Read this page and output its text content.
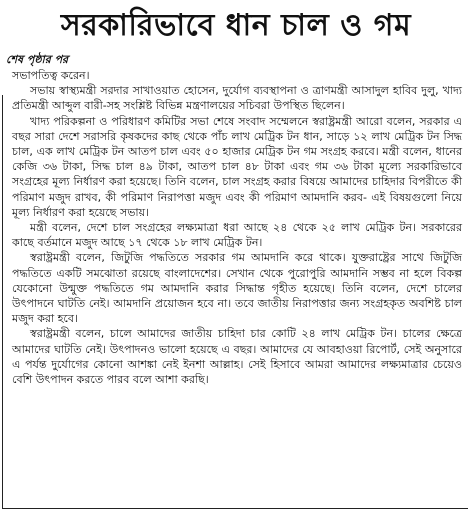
সরকারিভাবে ধান চাল ও গম
শেষ পৃষ্ঠার পর

সভাপতিত্ব করেন।

সভায় স্বাস্থ্যমন্ত্রী সরদার সাখাওয়াত হোসেন, দুর্যোগ ব্যবস্থাপনা ও ত্রাণমন্ত্রী আসাদুল হাবিব দুলু, খাদ্য প্রতিমন্ত্রী আব্দুল বারী-সহ সংশ্লিষ্ট বিভিন্ন মন্ত্রণালয়ের সচিবরা উপস্থিত ছিলেন।

খাদ্য পরিকল্পনা ও পরিধারণ কমিটির সভা শেষে সংবাদ সম্মেলনে স্বরাষ্ট্রমন্ত্রী আরো বলেন, সরকার এ বছর সারা দেশে সরাসরি কৃষকদের কাছ থেকে পাঁচ লাখ মেট্রিক টন ধান, সাড়ে ১২ লাখ মেট্রিক টন সিদ্ধ চাল, এক লাখ মেট্রিক টন আতপ চাল এবং ৫০ হাজার মেট্রিক টন গম সংগ্রহ করবে। মন্ত্রী বলেন, ধানের কেজি ৩৬ টাকা, সিদ্ধ চাল ৪৯ টাকা, আতপ চাল ৪৮ টাকা এবং গম ৩৬ টাকা মূল্যে সরকারিভাবে সংগ্রহের মূল্য নির্ধারণ করা হয়েছে। তিনি বলেন, চাল সংগ্রহ করার বিষয়ে আমাদের চাহিদার বিপরীতে কী পরিমাণ মজুদ রাখব, কী পরিমাণ নিরাপত্তা মজুদ এবং কী পরিমাণ আমদানি করব- এই বিষয়গুলো নিয়ে মূল্য নির্ধারণ করা হয়েছে সভায়।

মন্ত্রী বলেন, দেশে চাল সংগ্রহের লক্ষ্যমাত্রা ধরা আছে ২৪ থেকে ২৫ লাখ মেট্রিক টন। সরকারের কাছে বর্তমানে মজুদ আছে ১৭ থেকে ১৮ লাখ মেট্রিক টন।

স্বরাষ্ট্রমন্ত্রী বলেন, জিটুজি পদ্ধতিতে সরকার গম আমদানি করে থাকে। যুক্তরাষ্ট্রের সাথে জিটুজি পদ্ধতিতে একটি সমঝোতা রয়েছে বাংলাদেশের। সেখান থেকে পুরোপুরি আমদানি সম্ভব না হলে বিকল্প যেকোনো উন্মুক্ত পদ্ধতিতে গম আমদানি করার সিদ্ধান্ত গৃহীত হয়েছে। তিনি বলেন, দেশে চালের উৎপাদনে ঘাটতি নেই। আমদানি প্রয়োজন হবে না। তবে জাতীয় নিরাপত্তার জন্য সংগ্রহকৃত অবশিষ্ট চাল মজুদ করা হবে।

স্বরাষ্ট্রমন্ত্রী বলেন, চালে আমাদের জাতীয় চাহিদা চার কোটি ২৪ লাখ মেট্রিক টন। চালের ক্ষেত্রে আমাদের ঘাটতি নেই। উৎপাদনও ভালো হয়েছে এ বছর। আমাদের যে আবহাওয়া রিপোর্ট, সেই অনুসারে এ পর্যন্ত দুর্যোগের কোনো আশঙ্কা নেই ইনশা আল্লাহ। সেই হিসাবে আমরা আমাদের লক্ষ্যমাত্রার চেয়েও বেশি উৎপাদন করতে পারব বলে আশা করছি।
